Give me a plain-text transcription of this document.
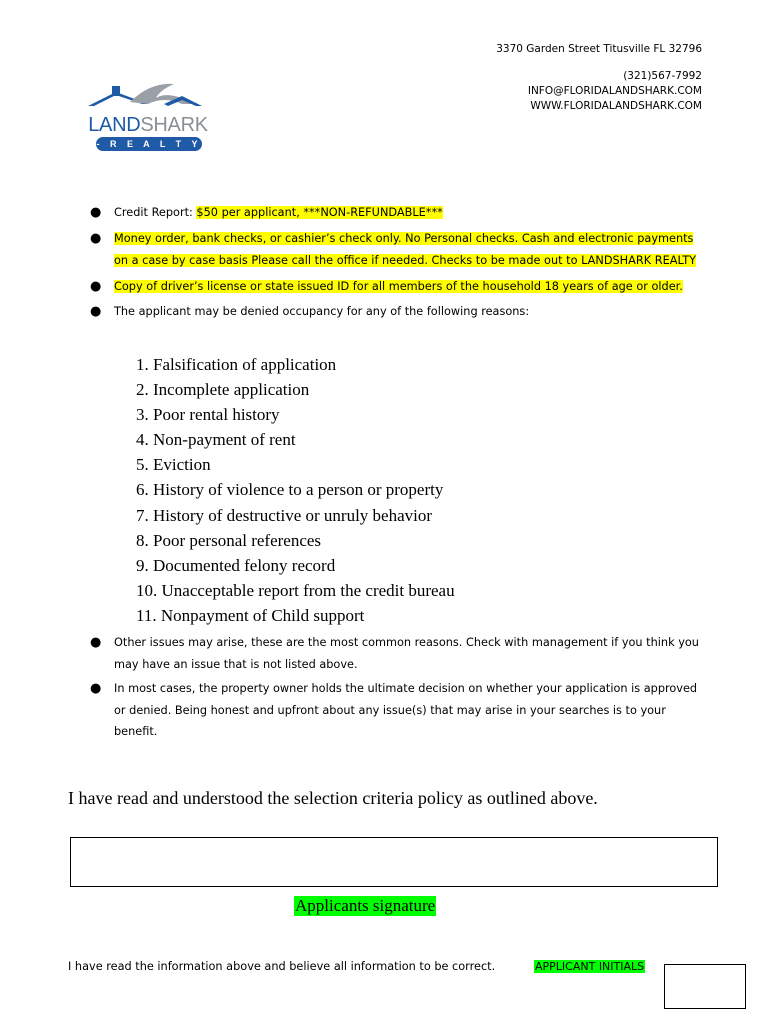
3370 Garden Street Titusville FL 32796
(321)567-7992
INFO@FLORIDALANDSHARK.COM
WWW.FLORIDALANDSHARK.COM
LANDSHARK
- R E A L T Y -
● Credit Report: $50 per applicant, ***NON-REFUNDABLE***
● Money order, bank checks, or cashier’s check only. No Personal checks. Cash and electronic payments
on a case by case basis Please call the office if needed. Checks to be made out to LANDSHARK REALTY
● Copy of driver’s license or state issued ID for all members of the household 18 years of age or older.
● The applicant may be denied occupancy for any of the following reasons:
1. Falsification of application
2. Incomplete application
3. Poor rental history
4. Non-payment of rent
5. Eviction
6. History of violence to a person or property
7. History of destructive or unruly behavior
8. Poor personal references
9. Documented felony record
10. Unacceptable report from the credit bureau
11. Nonpayment of Child support
● Other issues may arise, these are the most common reasons. Check with management if you think you
may have an issue that is not listed above.
● In most cases, the property owner holds the ultimate decision on whether your application is approved
or denied. Being honest and upfront about any issue(s) that may arise in your searches is to your
benefit.
I have read and understood the selection criteria policy as outlined above.
Applicants signature
I have read the information above and believe all information to be correct.	APPLICANT INITIALS
